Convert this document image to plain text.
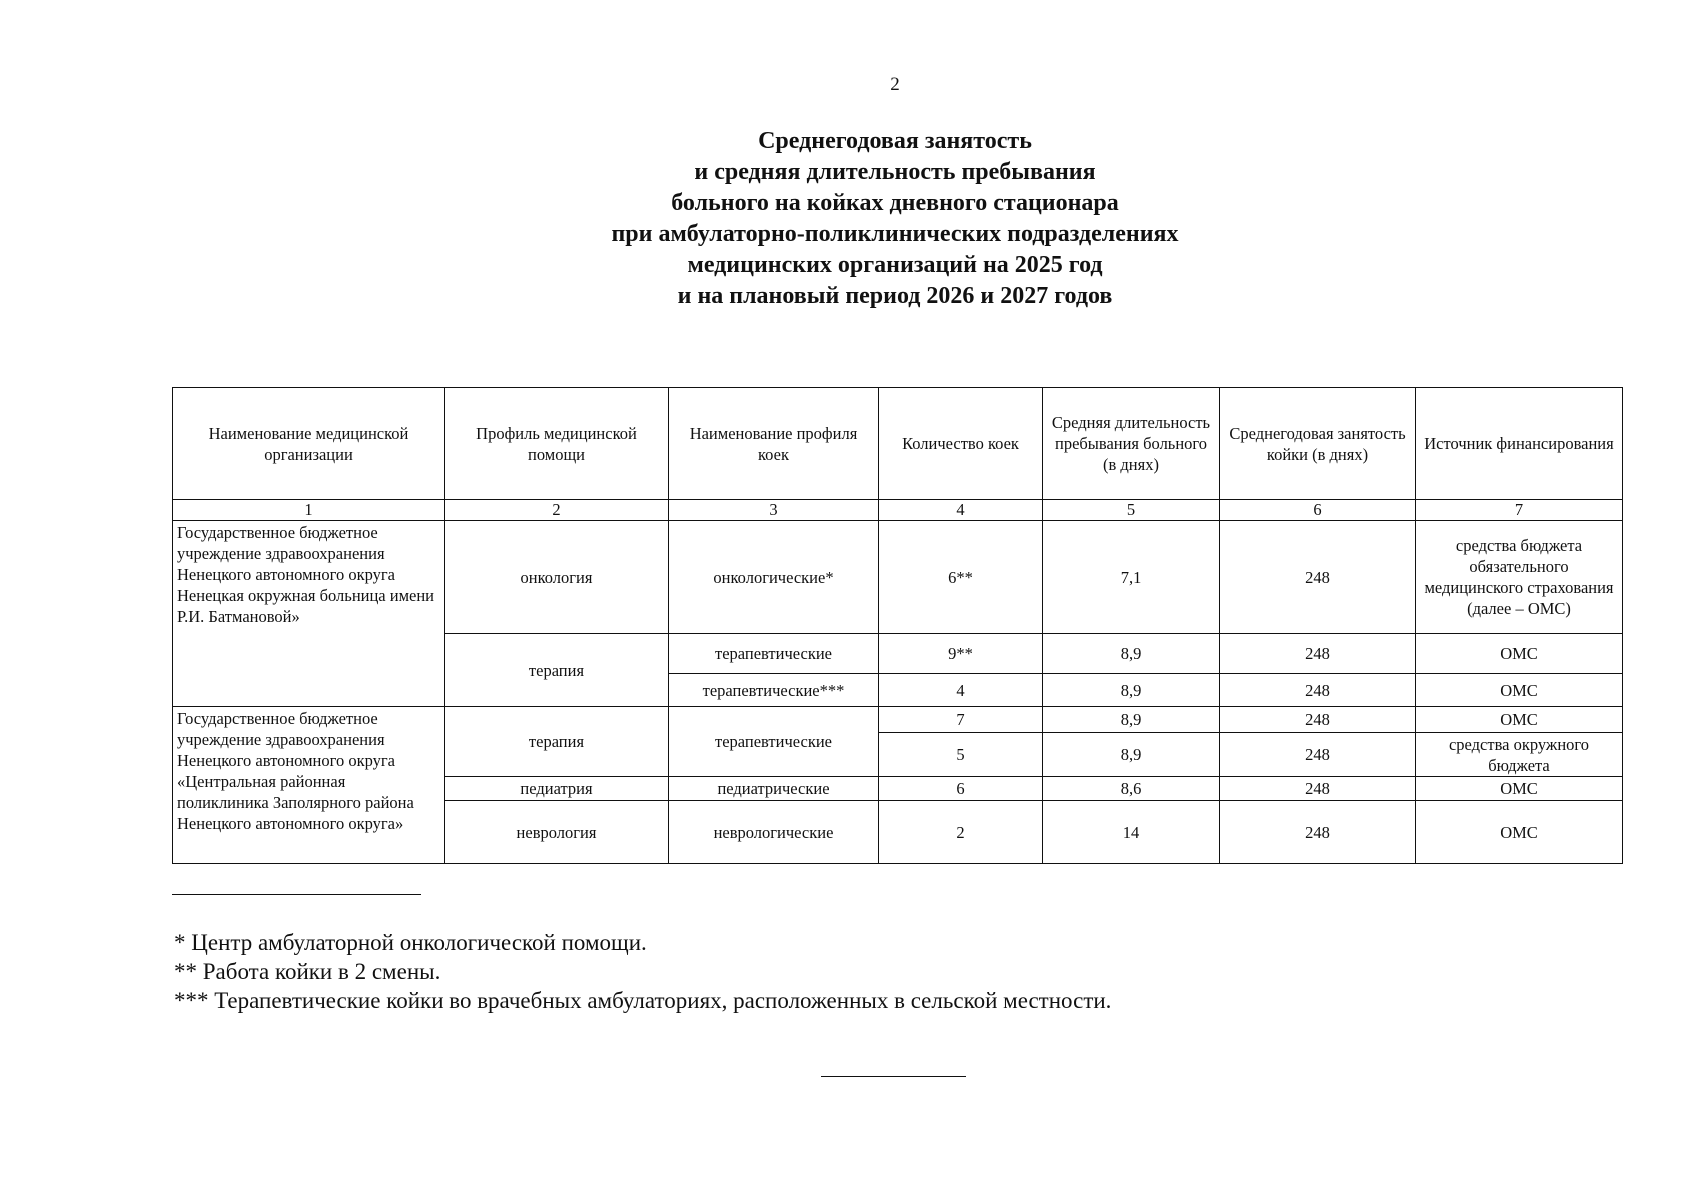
2
Среднегодовая занятость
и средняя длительность пребывания
больного на койках дневного стационара
при амбулаторно-поликлинических подразделениях
медицинских организаций на 2025 год
и на плановый период 2026 и 2027 годов
Наименование медицинской организации	Профиль медицинской помощи	Наименование профиля коек	Количество коек	Средняя длительность пребывания больного (в днях)	Среднегодовая занятость койки (в днях)	Источник финансирования
1	2	3	4	5	6	7
Государственное бюджетное учреждение здравоохранения Ненецкого автономного округа Ненецкая окружная больница имени Р.И. Батмановой»	онкология	онкологические*	6**	7,1	248	средства бюджета обязательного медицинского страхования (далее – ОМС)
	терапия	терапевтические	9**	8,9	248	ОМС
		терапевтические***	4	8,9	248	ОМС
Государственное бюджетное учреждение здравоохранения Ненецкого автономного округа «Центральная районная поликлиника Заполярного района Ненецкого автономного округа»	терапия	терапевтические	7	8,9	248	ОМС
			5	8,9	248	средства окружного бюджета
	педиатрия	педиатрические	6	8,6	248	ОМС
	неврология	неврологические	2	14	248	ОМС
* Центр амбулаторной онкологической помощи.
** Работа койки в 2 смены.
*** Терапевтические койки во врачебных амбулаториях, расположенных в сельской местности.
